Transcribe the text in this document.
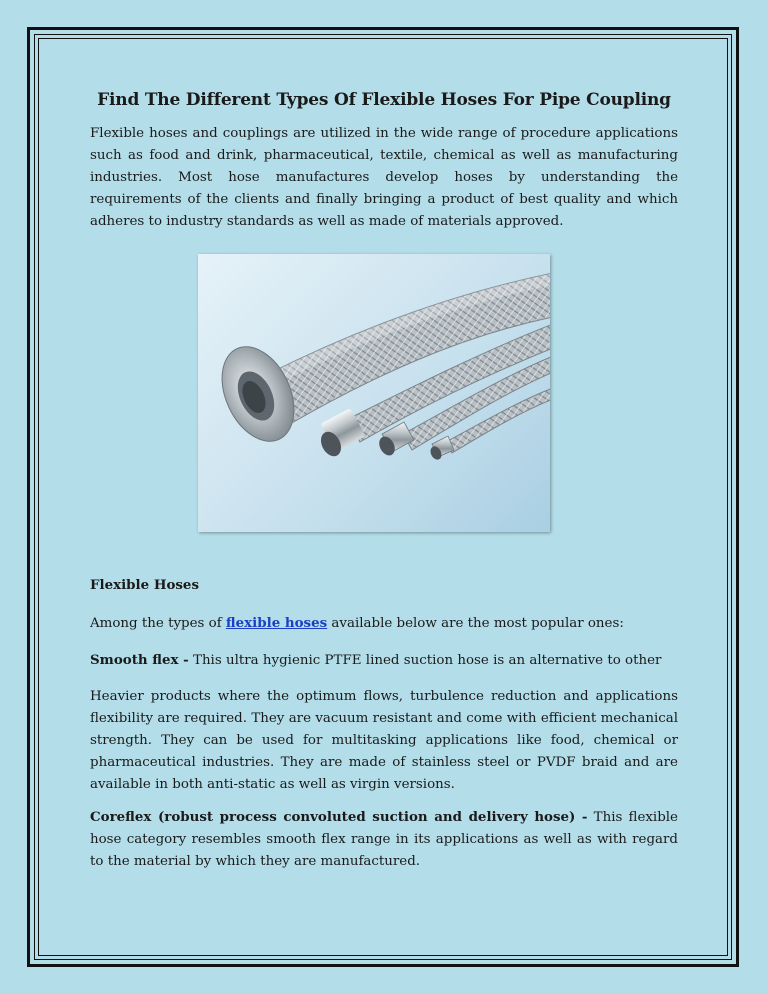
Find The Different Types Of Flexible Hoses For Pipe Coupling

Flexible hoses and couplings are utilized in the wide range of procedure applications such as food and drink, pharmaceutical, textile, chemical as well as manufacturing industries. Most hose manufactures develop hoses by understanding the requirements of the clients and finally bringing a product of best quality and which adheres to industry standards as well as made of materials approved.

Flexible Hoses

Among the types of flexible hoses available below are the most popular ones:

Smooth flex - This ultra hygienic PTFE lined suction hose is an alternative to other

Heavier products where the optimum flows, turbulence reduction and applications flexibility are required. They are vacuum resistant and come with efficient mechanical strength. They can be used for multitasking applications like food, chemical or pharmaceutical industries. They are made of stainless steel or PVDF braid and are available in both anti-static as well as virgin versions.

Coreflex (robust process convoluted suction and delivery hose) - This flexible hose category resembles smooth flex range in its applications as well as with regard to the material by which they are manufactured.
